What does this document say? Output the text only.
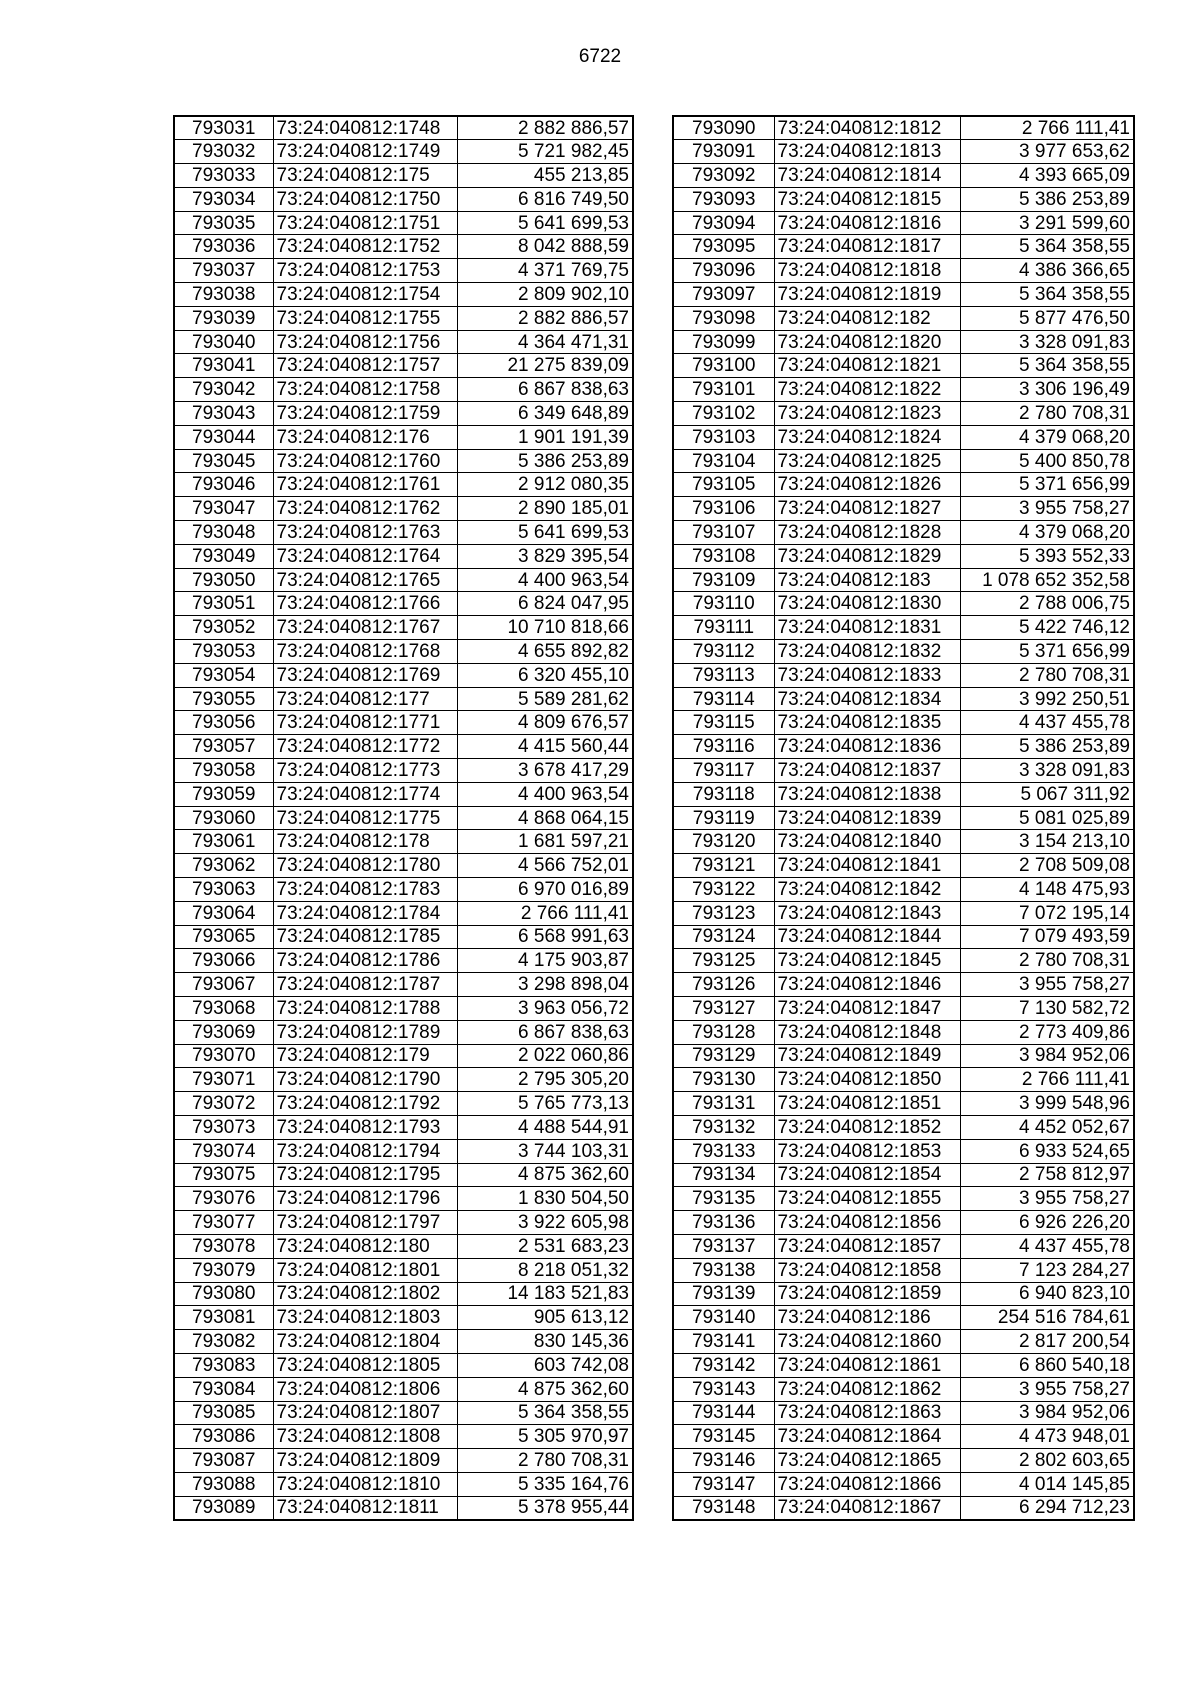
6722
793031	73:24:040812:1748	2 882 886,57
793032	73:24:040812:1749	5 721 982,45
793033	73:24:040812:175	455 213,85
793034	73:24:040812:1750	6 816 749,50
793035	73:24:040812:1751	5 641 699,53
793036	73:24:040812:1752	8 042 888,59
793037	73:24:040812:1753	4 371 769,75
793038	73:24:040812:1754	2 809 902,10
793039	73:24:040812:1755	2 882 886,57
793040	73:24:040812:1756	4 364 471,31
793041	73:24:040812:1757	21 275 839,09
793042	73:24:040812:1758	6 867 838,63
793043	73:24:040812:1759	6 349 648,89
793044	73:24:040812:176	1 901 191,39
793045	73:24:040812:1760	5 386 253,89
793046	73:24:040812:1761	2 912 080,35
793047	73:24:040812:1762	2 890 185,01
793048	73:24:040812:1763	5 641 699,53
793049	73:24:040812:1764	3 829 395,54
793050	73:24:040812:1765	4 400 963,54
793051	73:24:040812:1766	6 824 047,95
793052	73:24:040812:1767	10 710 818,66
793053	73:24:040812:1768	4 655 892,82
793054	73:24:040812:1769	6 320 455,10
793055	73:24:040812:177	5 589 281,62
793056	73:24:040812:1771	4 809 676,57
793057	73:24:040812:1772	4 415 560,44
793058	73:24:040812:1773	3 678 417,29
793059	73:24:040812:1774	4 400 963,54
793060	73:24:040812:1775	4 868 064,15
793061	73:24:040812:178	1 681 597,21
793062	73:24:040812:1780	4 566 752,01
793063	73:24:040812:1783	6 970 016,89
793064	73:24:040812:1784	2 766 111,41
793065	73:24:040812:1785	6 568 991,63
793066	73:24:040812:1786	4 175 903,87
793067	73:24:040812:1787	3 298 898,04
793068	73:24:040812:1788	3 963 056,72
793069	73:24:040812:1789	6 867 838,63
793070	73:24:040812:179	2 022 060,86
793071	73:24:040812:1790	2 795 305,20
793072	73:24:040812:1792	5 765 773,13
793073	73:24:040812:1793	4 488 544,91
793074	73:24:040812:1794	3 744 103,31
793075	73:24:040812:1795	4 875 362,60
793076	73:24:040812:1796	1 830 504,50
793077	73:24:040812:1797	3 922 605,98
793078	73:24:040812:180	2 531 683,23
793079	73:24:040812:1801	8 218 051,32
793080	73:24:040812:1802	14 183 521,83
793081	73:24:040812:1803	905 613,12
793082	73:24:040812:1804	830 145,36
793083	73:24:040812:1805	603 742,08
793084	73:24:040812:1806	4 875 362,60
793085	73:24:040812:1807	5 364 358,55
793086	73:24:040812:1808	5 305 970,97
793087	73:24:040812:1809	2 780 708,31
793088	73:24:040812:1810	5 335 164,76
793089	73:24:040812:1811	5 378 955,44
793090	73:24:040812:1812	2 766 111,41
793091	73:24:040812:1813	3 977 653,62
793092	73:24:040812:1814	4 393 665,09
793093	73:24:040812:1815	5 386 253,89
793094	73:24:040812:1816	3 291 599,60
793095	73:24:040812:1817	5 364 358,55
793096	73:24:040812:1818	4 386 366,65
793097	73:24:040812:1819	5 364 358,55
793098	73:24:040812:182	5 877 476,50
793099	73:24:040812:1820	3 328 091,83
793100	73:24:040812:1821	5 364 358,55
793101	73:24:040812:1822	3 306 196,49
793102	73:24:040812:1823	2 780 708,31
793103	73:24:040812:1824	4 379 068,20
793104	73:24:040812:1825	5 400 850,78
793105	73:24:040812:1826	5 371 656,99
793106	73:24:040812:1827	3 955 758,27
793107	73:24:040812:1828	4 379 068,20
793108	73:24:040812:1829	5 393 552,33
793109	73:24:040812:183	1 078 652 352,58
793110	73:24:040812:1830	2 788 006,75
793111	73:24:040812:1831	5 422 746,12
793112	73:24:040812:1832	5 371 656,99
793113	73:24:040812:1833	2 780 708,31
793114	73:24:040812:1834	3 992 250,51
793115	73:24:040812:1835	4 437 455,78
793116	73:24:040812:1836	5 386 253,89
793117	73:24:040812:1837	3 328 091,83
793118	73:24:040812:1838	5 067 311,92
793119	73:24:040812:1839	5 081 025,89
793120	73:24:040812:1840	3 154 213,10
793121	73:24:040812:1841	2 708 509,08
793122	73:24:040812:1842	4 148 475,93
793123	73:24:040812:1843	7 072 195,14
793124	73:24:040812:1844	7 079 493,59
793125	73:24:040812:1845	2 780 708,31
793126	73:24:040812:1846	3 955 758,27
793127	73:24:040812:1847	7 130 582,72
793128	73:24:040812:1848	2 773 409,86
793129	73:24:040812:1849	3 984 952,06
793130	73:24:040812:1850	2 766 111,41
793131	73:24:040812:1851	3 999 548,96
793132	73:24:040812:1852	4 452 052,67
793133	73:24:040812:1853	6 933 524,65
793134	73:24:040812:1854	2 758 812,97
793135	73:24:040812:1855	3 955 758,27
793136	73:24:040812:1856	6 926 226,20
793137	73:24:040812:1857	4 437 455,78
793138	73:24:040812:1858	7 123 284,27
793139	73:24:040812:1859	6 940 823,10
793140	73:24:040812:186	254 516 784,61
793141	73:24:040812:1860	2 817 200,54
793142	73:24:040812:1861	6 860 540,18
793143	73:24:040812:1862	3 955 758,27
793144	73:24:040812:1863	3 984 952,06
793145	73:24:040812:1864	4 473 948,01
793146	73:24:040812:1865	2 802 603,65
793147	73:24:040812:1866	4 014 145,85
793148	73:24:040812:1867	6 294 712,23
